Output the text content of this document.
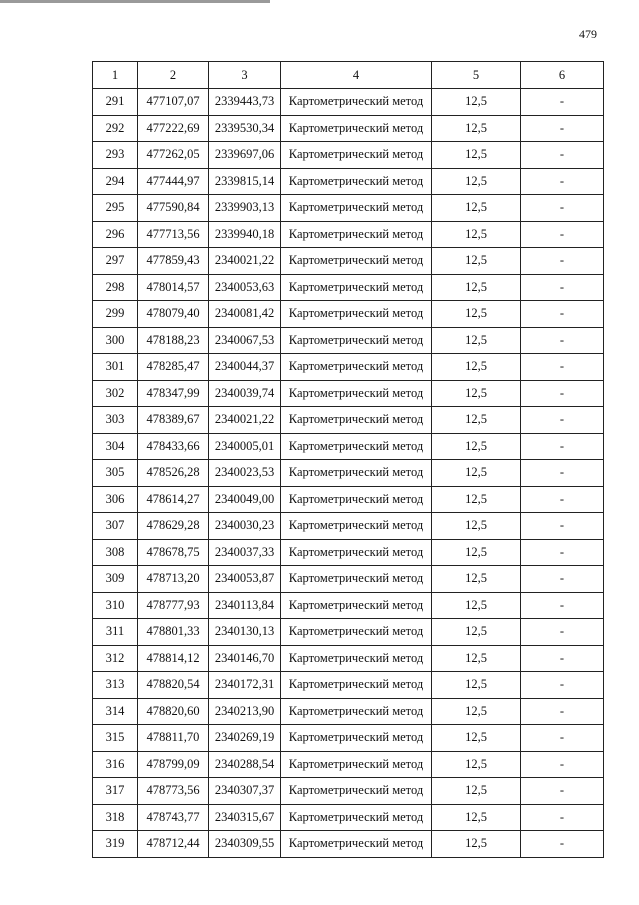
479
1	2	3	4	5	6
291	477107,07	2339443,73	Картометрический метод	12,5	-
292	477222,69	2339530,34	Картометрический метод	12,5	-
293	477262,05	2339697,06	Картометрический метод	12,5	-
294	477444,97	2339815,14	Картометрический метод	12,5	-
295	477590,84	2339903,13	Картометрический метод	12,5	-
296	477713,56	2339940,18	Картометрический метод	12,5	-
297	477859,43	2340021,22	Картометрический метод	12,5	-
298	478014,57	2340053,63	Картометрический метод	12,5	-
299	478079,40	2340081,42	Картометрический метод	12,5	-
300	478188,23	2340067,53	Картометрический метод	12,5	-
301	478285,47	2340044,37	Картометрический метод	12,5	-
302	478347,99	2340039,74	Картометрический метод	12,5	-
303	478389,67	2340021,22	Картометрический метод	12,5	-
304	478433,66	2340005,01	Картометрический метод	12,5	-
305	478526,28	2340023,53	Картометрический метод	12,5	-
306	478614,27	2340049,00	Картометрический метод	12,5	-
307	478629,28	2340030,23	Картометрический метод	12,5	-
308	478678,75	2340037,33	Картометрический метод	12,5	-
309	478713,20	2340053,87	Картометрический метод	12,5	-
310	478777,93	2340113,84	Картометрический метод	12,5	-
311	478801,33	2340130,13	Картометрический метод	12,5	-
312	478814,12	2340146,70	Картометрический метод	12,5	-
313	478820,54	2340172,31	Картометрический метод	12,5	-
314	478820,60	2340213,90	Картометрический метод	12,5	-
315	478811,70	2340269,19	Картометрический метод	12,5	-
316	478799,09	2340288,54	Картометрический метод	12,5	-
317	478773,56	2340307,37	Картометрический метод	12,5	-
318	478743,77	2340315,67	Картометрический метод	12,5	-
319	478712,44	2340309,55	Картометрический метод	12,5	-
